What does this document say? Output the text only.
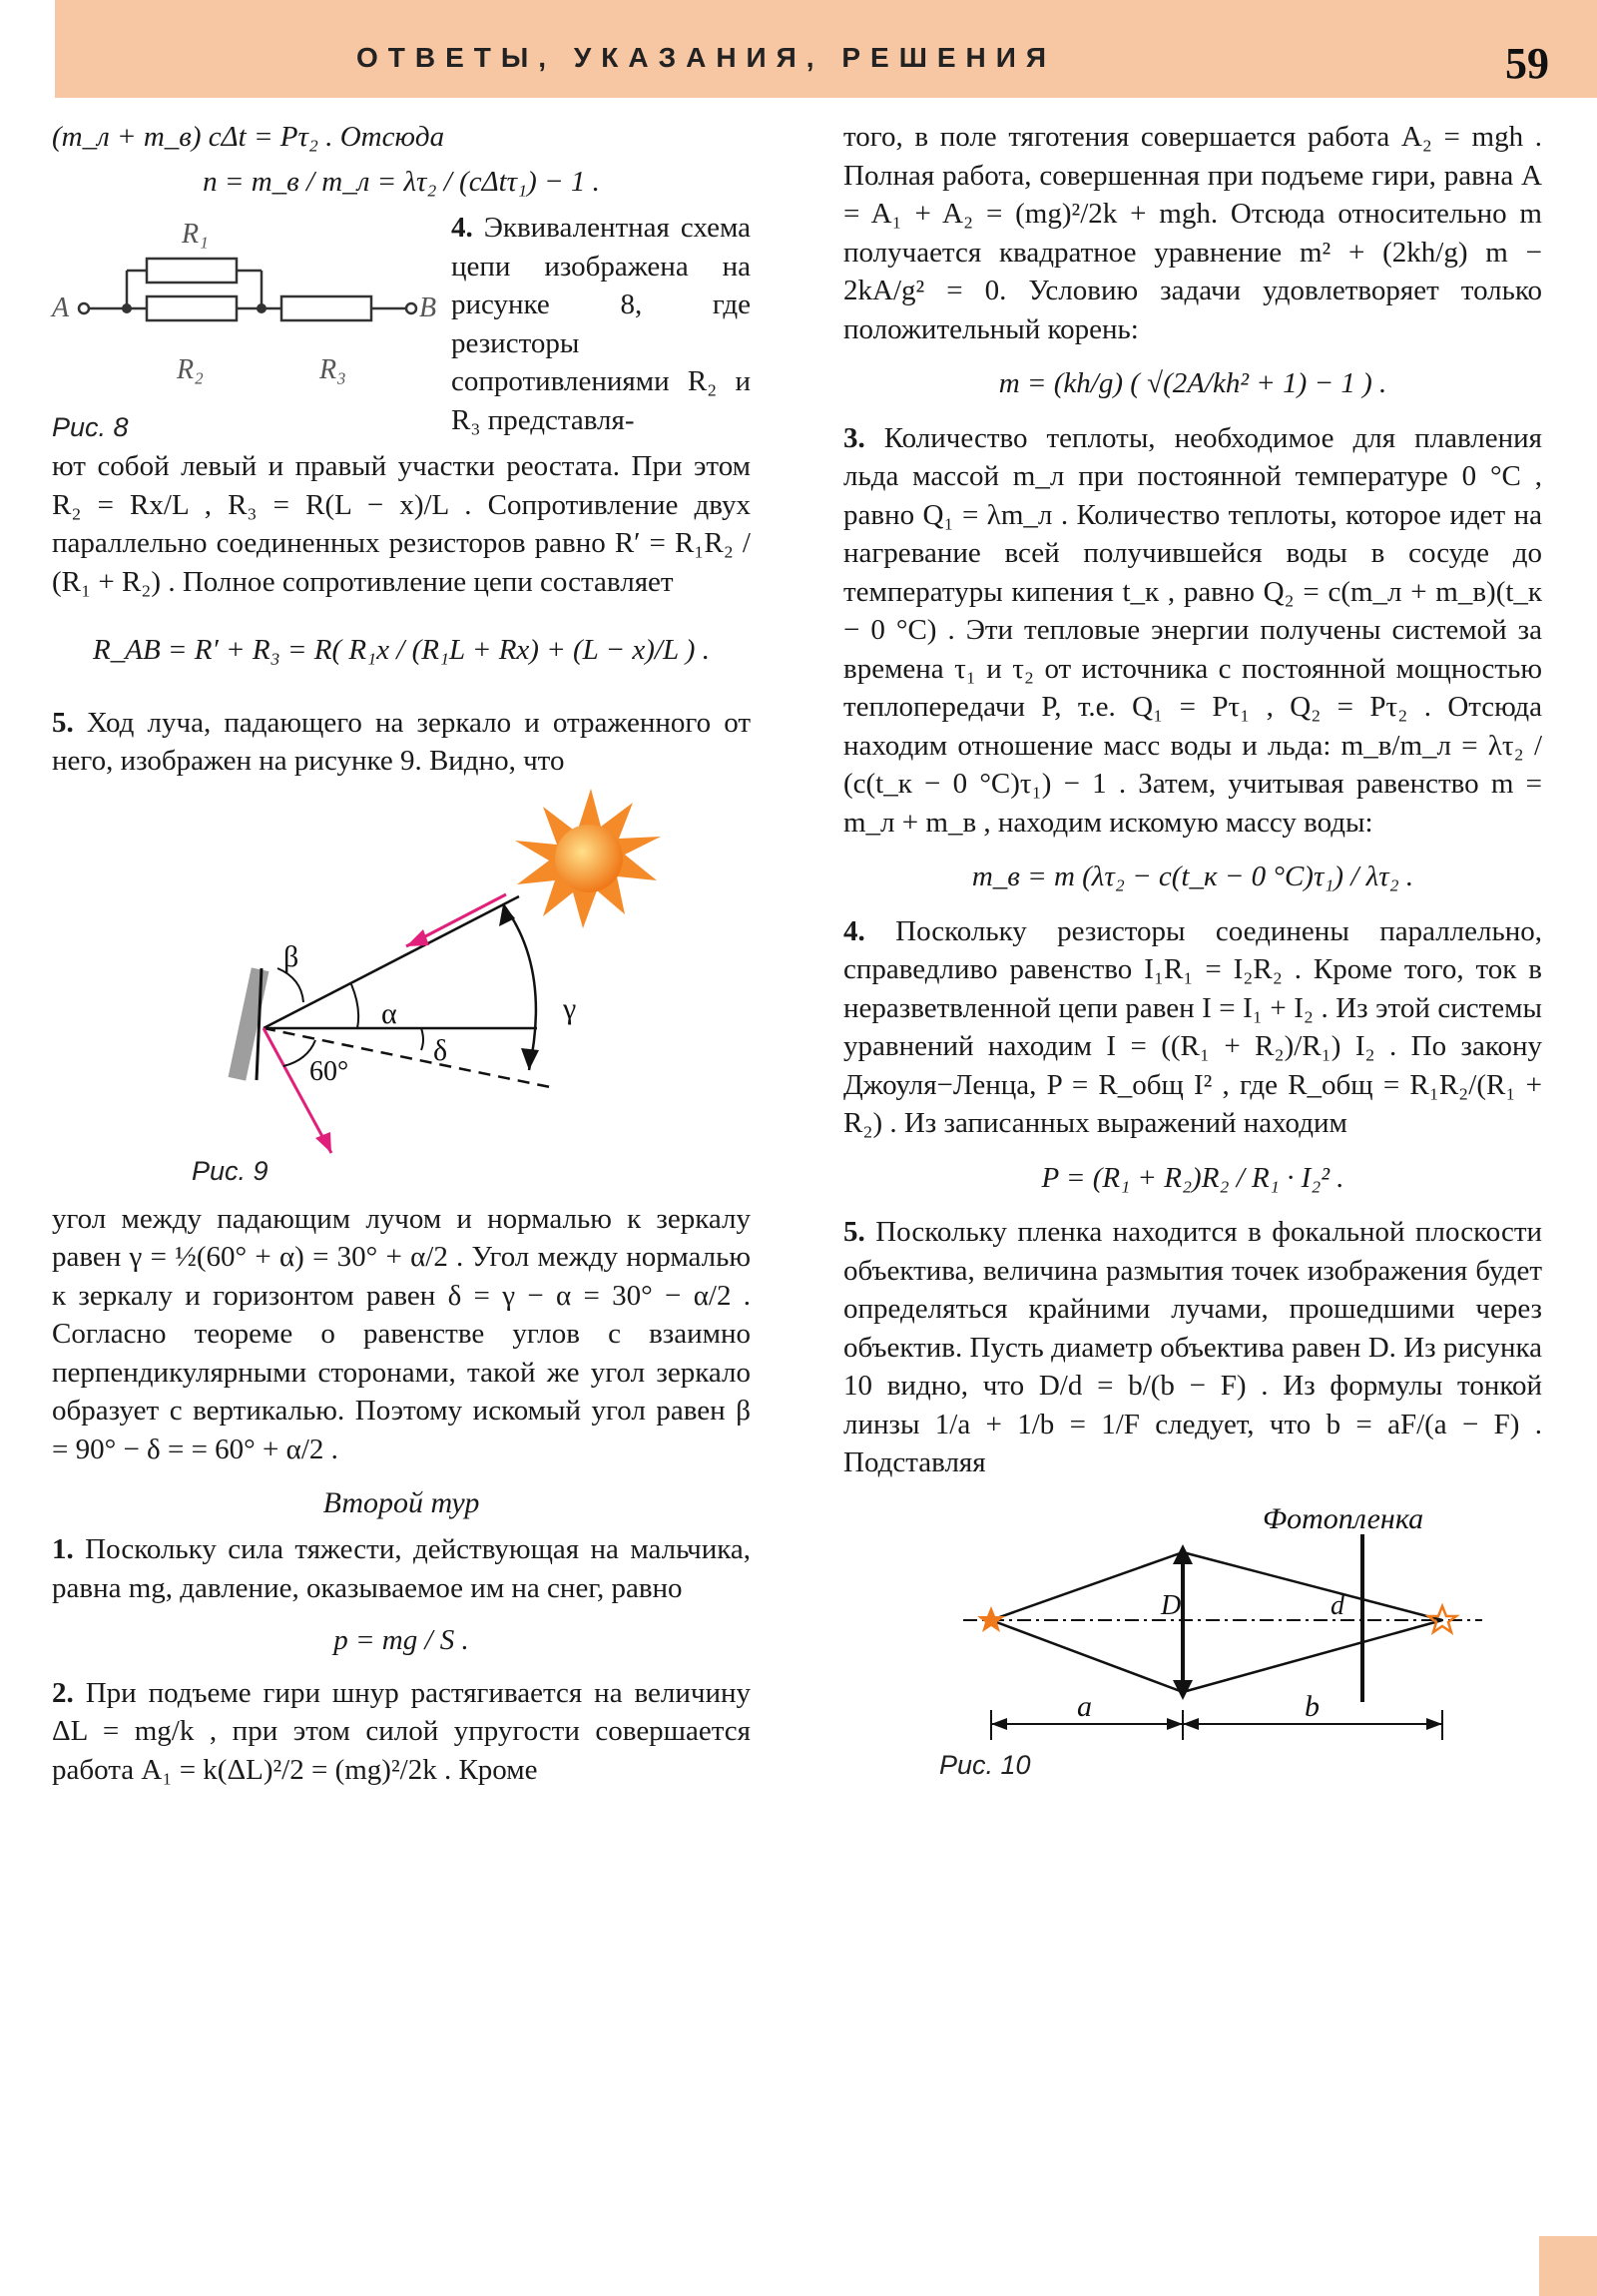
ОТВЕТЫ, УКАЗАНИЯ, РЕШЕНИЯ	59

(m_л + m_в) cΔt = Pτ₂ . Отсюда

n = m_в / m_л = λτ₂ / (cΔtτ₁) − 1 .

4. Эквивалентная схема цепи изображена на рисунке 8, где резисторы сопротивлениями R₂ и R₃ представля-

R₁
A	B
R₂	R₃
Рис. 8

ют собой левый и правый участки реостата. При этом R₂ = Rx/L , R₃ = R(L − x)/L . Сопротивление двух параллельно соединенных резисторов равно R′ = R₁R₂ / (R₁ + R₂) . Полное сопротивление цепи составляет

R_AB = R′ + R₃ = R( R₁x / (R₁L + Rx) + (L − x)/L ) .

5. Ход луча, падающего на зеркало и отраженного от него, изображен на рисунке 9. Видно, что

α
β
γ
δ
60°
Рис. 9

угол между падающим лучом и нормалью к зеркалу равен γ = ½(60° + α) = 30° + α/2 . Угол между нормалью к зеркалу и горизонтом равен δ = γ − α = 30° − α/2 . Согласно теореме о равенстве углов с взаимно перпендикулярными сторонами, такой же угол зеркало образует с вертикалью. Поэтому искомый угол равен β = 90° − δ = = 60° + α/2 .

Второй тур

1. Поскольку сила тяжести, действующая на мальчика, равна mg, давление, оказываемое им на снег, равно

p = mg / S .

2. При подъеме гири шнур растягивается на величину ΔL = mg/k , при этом силой упругости совершается работа A₁ = k(ΔL)²/2 = (mg)²/2k . Кроме

того, в поле тяготения совершается работа A₂ = mgh . Полная работа, совершенная при подъеме гири, равна A = A₁ + A₂ = (mg)²/2k + mgh. Отсюда относительно m получается квадратное уравнение m² + (2kh/g) m − 2kA/g² = 0. Условию задачи удовлетворяет только положительный корень:

m = (kh/g) ( √(2A/kh² + 1) − 1 ) .

3. Количество теплоты, необходимое для плавления льда массой m_л при постоянной температуре 0 °С , равно Q₁ = λm_л . Количество теплоты, которое идет на нагревание всей получившейся воды в сосуде до температуры кипения t_к , равно Q₂ = c(m_л + m_в)(t_к − 0 °C) . Эти тепловые энергии получены системой за времена τ₁ и τ₂ от источника с постоянной мощностью теплопередачи P, т.е. Q₁ = Pτ₁ , Q₂ = Pτ₂ . Отсюда находим отношение масс воды и льда: m_в/m_л = λτ₂ / (c(t_к − 0 °C)τ₁) − 1 . Затем, учитывая равенство m = m_л + m_в , находим искомую массу воды:

m_в = m (λτ₂ − c(t_к − 0 °C)τ₁) / λτ₂ .

4. Поскольку резисторы соединены параллельно, справедливо равенство I₁R₁ = I₂R₂ . Кроме того, ток в неразветвленной цепи равен I = I₁ + I₂ . Из этой системы уравнений находим I = ((R₁ + R₂)/R₁) I₂ . По закону Джоуля−Ленца, P = R_общ I² , где R_общ = R₁R₂/(R₁ + R₂) . Из записанных выражений находим

P = (R₁ + R₂)R₂ / R₁ · I₂² .

5. Поскольку пленка находится в фокальной плоскости объектива, величина размытия точек изображения будет определяться крайними лучами, прошедшими через объектив. Пусть диаметр объектива равен D. Из рисунка 10 видно, что D/d = b/(b − F) . Из формулы тонкой линзы 1/a + 1/b = 1/F следует, что b = aF/(a − F) . Подставляя

Фотопленка
D	d
a	b
Рис. 10
